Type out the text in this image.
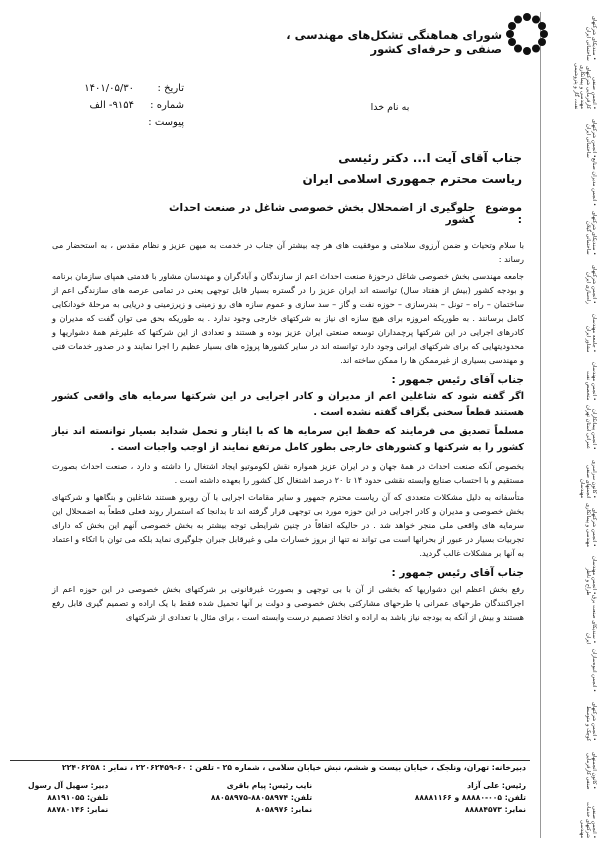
• سندیکای شرکتهای ساختمانی ایران
• انجمن صنفی کارفرمایی شرکتهای مهندسی و پیمانکاری نفت، گاز و پتروشیمی
• انجمن شرکتهای ساختمانی ایران
• انجمن مدیران صنایع
• سندیکای شرکتهای ساختمانی گیلان
• انجمن شرکتهای راه‌سازی ایران
• جامعه مهندسان مشاور ایران
• انجمن مهندسان متخصص نفت
• انجمن پیمانکاران عمرانی استان تهران
• کانون سراسری انجمنهای صنفی مهندسان
• انجمن شرکتهای مهندسی و پیمانکاری
• انجمن مهندسان طراح و ناظر
• سندیکای صنعت برق ایران
• انجمن انبوه‌سازان
• انجمن شرکتهای کوچک و متوسط
• کانون انجمنهای صنفی کارفرمایی
• انجمن صنفی شرکتهای خدمات مهندسی
شورای هماهنگی تشکل‌های مهندسی ، صنفی و حرفه‌ای کشور
تاریخ :
۱۴۰۱/۰۵/۳۰
شماره :
۹۱۵۴- الف
پیوست :
به نام خدا
جناب آقای آیت ا... دکتر رئیسی
ریاست محترم جمهوری اسلامی ایران
موضوع :
جلوگیری از اضمحلال بخش خصوصی شاغل در صنعت احداث کشور

با سلام وتحیات و ضمن آرزوی سلامتی و موفقیت های هر چه بیشتر آن جناب در خدمت به میهن عزیز و نظام مقدس ، به استحضار می رساند :

جامعه مهندسی بخش خصوصی شاغل درحوزهٔ صنعت احداث اعم از سازندگان و آبادگران و مهندسان مشاور با قدمتی همپای سازمان برنامه و بودجه کشور (بیش از هفتاد سال) توانسته اند ایران عزیز را در گستره بسیار قابل توجهی یعنی در تمامی عرصه های سازندگی اعم از ساختمان – راه – تونل – بندرسازی – حوزه نفت و گاز – سد سازی و عموم سازه های رو زمینی و زیرزمینی و دریایی به مرحلهٔ خودانکایی کامل برسانند . به طوریکه امروزه برای هیچ سازه ای نیاز به شرکتهای خارجی وجود ندارد . به طوریکه بحق می توان گفت که مدیران و کادرهای اجرایی در این شرکتها پرچمداران توسعه صنعتی ایران عزیز بوده و هستند و تعدادی از این شرکتها که علیرغم همهٔ دشواریها و محدودیتهایی که برای شرکتهای ایرانی وجود دارد توانسته اند در سایر کشورها پروژه های بسیار عظیم را اجرا نمایند و در صدور خدمات فنی و مهندسی بسیاری از غیرممکن ها را ممکن ساخته اند.

جناب آقای رئیس جمهور :

اگر گفته شود که شاغلین اعم از مدیران و کادر اجرایی در این شرکتها سرمایه های واقعی کشور هستند قطعاً سخنی بگزاف گفته نشده است .

مسلماً تصدیق می فرمایند که حفظ این سرمایه ها که با ایثار و تحمل شداید بسیار توانسته اند نیاز کشور را به شرکتها و کشورهای خارجی بطور کامل مرتفع نمایند از اوجب واجبات است .

بخصوص آنکه صنعت احداث در همهٔ جهان و در ایران عزیز همواره نقش لکوموتیو ایجاد اشتغال را داشته و دارد ، صنعت احداث بصورت مستقیم و با احتساب صنایع وابسته نقشی حدود ۱۴ تا ۲۰ درصد اشتغال کل کشور را بعهده داشته است .

متأسفانه به دلیل مشکلات متعددی که آن ریاست محترم جمهور و سایر مقامات اجرایی با آن روبرو هستند شاغلین و بنگاهها و شرکتهای بخش خصوصی و مدیران و کادر اجرایی در این حوزه مورد بی توجهی قرار گرفته اند تا بدانجا که استمرار روند فعلی قطعاً به اضمحلال این سرمایه های واقعی ملی منجر خواهد شد . در حالیکه اتفاقاً در چنین شرایطی توجه بیشتر به بخش خصوصی آنهم این بخش که دارای تجربیات بسیار در عبور از بحرانها است می تواند نه تنها از بروز خسارات ملی و غیرقابل جبران جلوگیری نماید بلکه می توان با اتکاء و اعتماد به آنها بر مشکلات غالب گردید.

جناب آقای رئیس جمهور :

رفع بخش اعظم این دشواریها که بخشی از آن با بی توجهی و بصورت غیرقانونی بر شرکتهای بخش خصوصی در این حوزه اعم از اجراکنندگان طرحهای عمرانی یا طرحهای مشارکتی بخش خصوصی و دولت بر آنها تحمیل شده فقط با یک اراده و تصمیم گیری قابل رفع هستند و بیش از آنکه به بودجه نیاز باشد به اراده و اتخاذ تصمیم درست وابسته است ، برای مثال با تعدادی از شرکتهای

دبیرخانه: تهران، ونلجک ، خیابان بیست و ششم، نبش خیابان سلامی ، شماره ۲۵ - تلفن : ۶۰-۲۲۰۶۲۴۵۹ ، نمابر : ۲۲۴۰۶۲۵۸
رئیس: علی آزاد
تلفن: ۰۰۵-۸۸۸۸۰ و ۸۸۸۸۱۱۶۶
نمابر: ۸۸۸۸۴۵۷۳
نایب رئیس: پیام باقری
تلفن: ۸۸۰۵۸۹۷۴-۸۸۰۵۸۹۷۵
نمابر: ۸۰۵۸۹۷۶
دبیر: سهیل آل رسول
تلفن: ۸۸۱۹۱۰۵۵
نمابر: ۸۸۷۸۰۱۴۶
